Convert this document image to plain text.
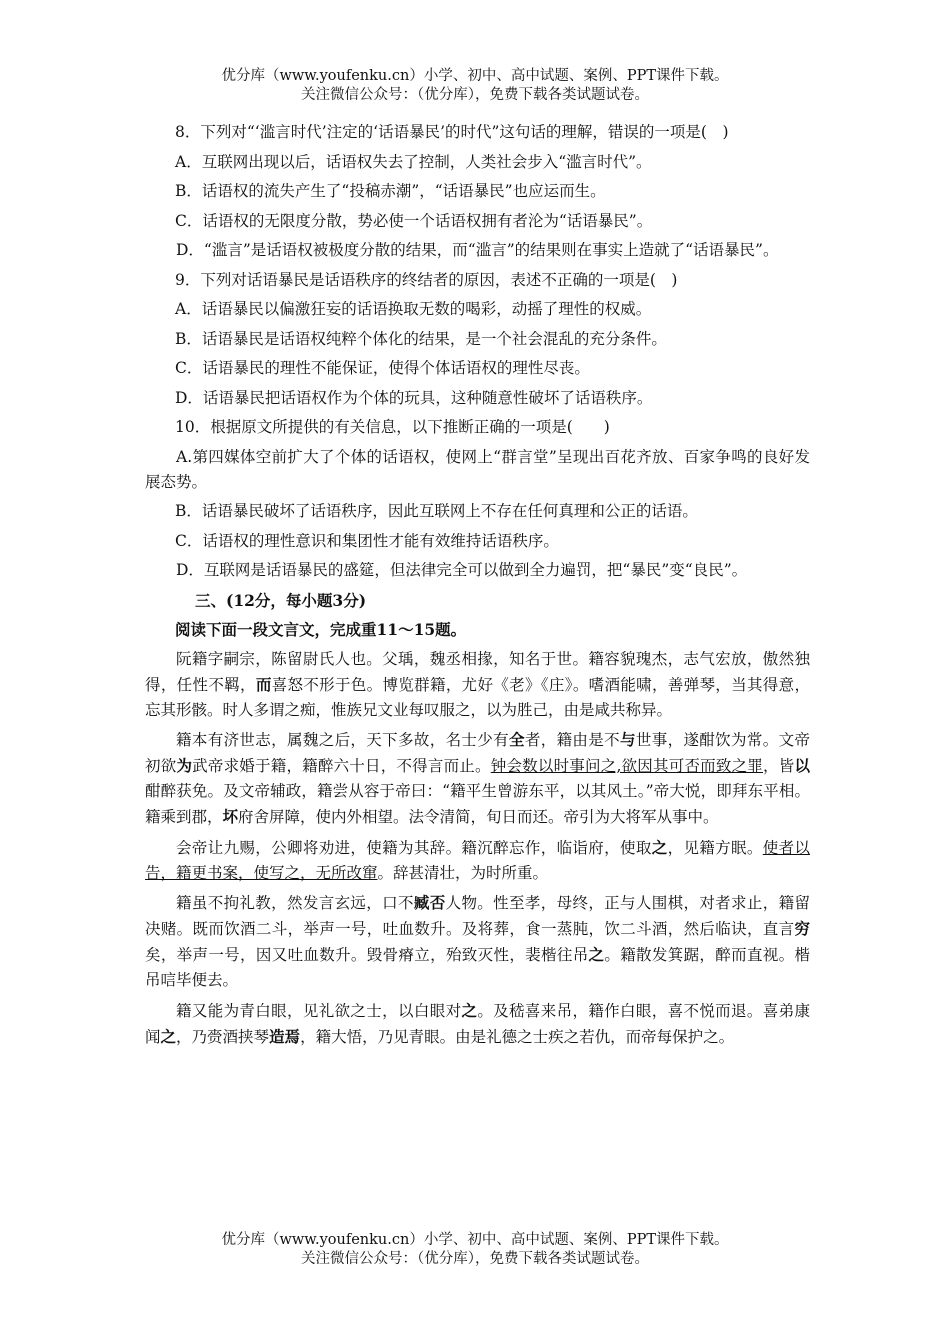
优分库（www.youfenku.cn）小学、初中、高中试题、案例、PPT课件下载。
关注微信公众号：（优分库），免费下载各类试题试卷。

8．下列对“‘滥言时代’注定的‘话语暴民’的时代”这句话的理解，错误的一项是(　)

A．互联网出现以后，话语权失去了控制，人类社会步入“滥言时代”。

B．话语权的流失产生了“投稿赤潮”，“话语暴民”也应运而生。

C．话语权的无限度分散，势必使一个话语权拥有者沦为“话语暴民”。

D．“滥言”是话语权被极度分散的结果，而“滥言”的结果则在事实上造就了“话语暴民”。

9．下列对话语暴民是话语秩序的终结者的原因，表述不正确的一项是(　)

A．话语暴民以偏激狂妄的话语换取无数的喝彩，动摇了理性的权威。

B．话语暴民是话语权纯粹个体化的结果，是一个社会混乱的充分条件。

C．话语暴民的理性不能保证，使得个体话语权的理性尽丧。

D．话语暴民把话语权作为个体的玩具，这种随意性破坏了话语秩序。

10．根据原文所提供的有关信息，以下推断正确的一项是(　　)

A.第四媒体空前扩大了个体的话语权，使网上“群言堂”呈现出百花齐放、百家争鸣的良好发展态势。

B．话语暴民破坏了话语秩序，因此互联网上不存在任何真理和公正的话语。

C．话语权的理性意识和集团性才能有效维持话语秩序。

D．互联网是话语暴民的盛筵，但法律完全可以做到全力遍罚，把“暴民”变“良民”。

三、(12分，每小题3分)

阅读下面一段文言文，完成重11～15题。

阮籍字嗣宗，陈留尉氏人也。父瑀，魏丞相掾，知名于世。籍容貌瑰杰，志气宏放，傲然独得，任性不羁，而喜怒不形于色。博览群籍，尤好《老》《庄》。嗜酒能啸，善弹琴，当其得意，忘其形骸。时人多谓之痴，惟族兄文业每叹服之，以为胜己，由是咸共称异。

籍本有济世志，属魏之后，天下多故，名士少有全者，籍由是不与世事，遂酣饮为常。文帝初欲为武帝求婚于籍，籍醉六十日，不得言而止。钟会数以时事问之,欲因其可否而致之罪，皆以酣醉获免。及文帝辅政，籍尝从容于帝曰：“籍平生曾游东平，以其风土。”帝大悦，即拜东平相。籍乘到郡，坏府舍屏障，使内外相望。法令清简，旬日而还。帝引为大将军从事中。

会帝让九赐，公卿将劝进，使籍为其辞。籍沉醉忘作，临诣府，使取之，见籍方眠。使者以告，籍更书案，使写之，无所改窜。辞甚清壮，为时所重。

籍虽不拘礼教，然发言玄远，口不臧否人物。性至孝，母终，正与人围棋，对者求止，籍留决赌。既而饮酒二斗，举声一号，吐血数升。及将葬，食一蒸肫，饮二斗酒，然后临诀，直言穷矣，举声一号，因又吐血数升。毁骨瘠立，殆致灭性，裴楷往吊之。籍散发箕踞，醉而直视。楷吊唁毕便去。

籍又能为青白眼，见礼欲之士，以白眼对之。及嵇喜来吊，籍作白眼，喜不悦而退。喜弟康闻之，乃赍酒挟琴造焉，籍大悟，乃见青眼。由是礼德之士疾之若仇，而帝每保护之。

优分库（www.youfenku.cn）小学、初中、高中试题、案例、PPT课件下载。
关注微信公众号：（优分库），免费下载各类试题试卷。
